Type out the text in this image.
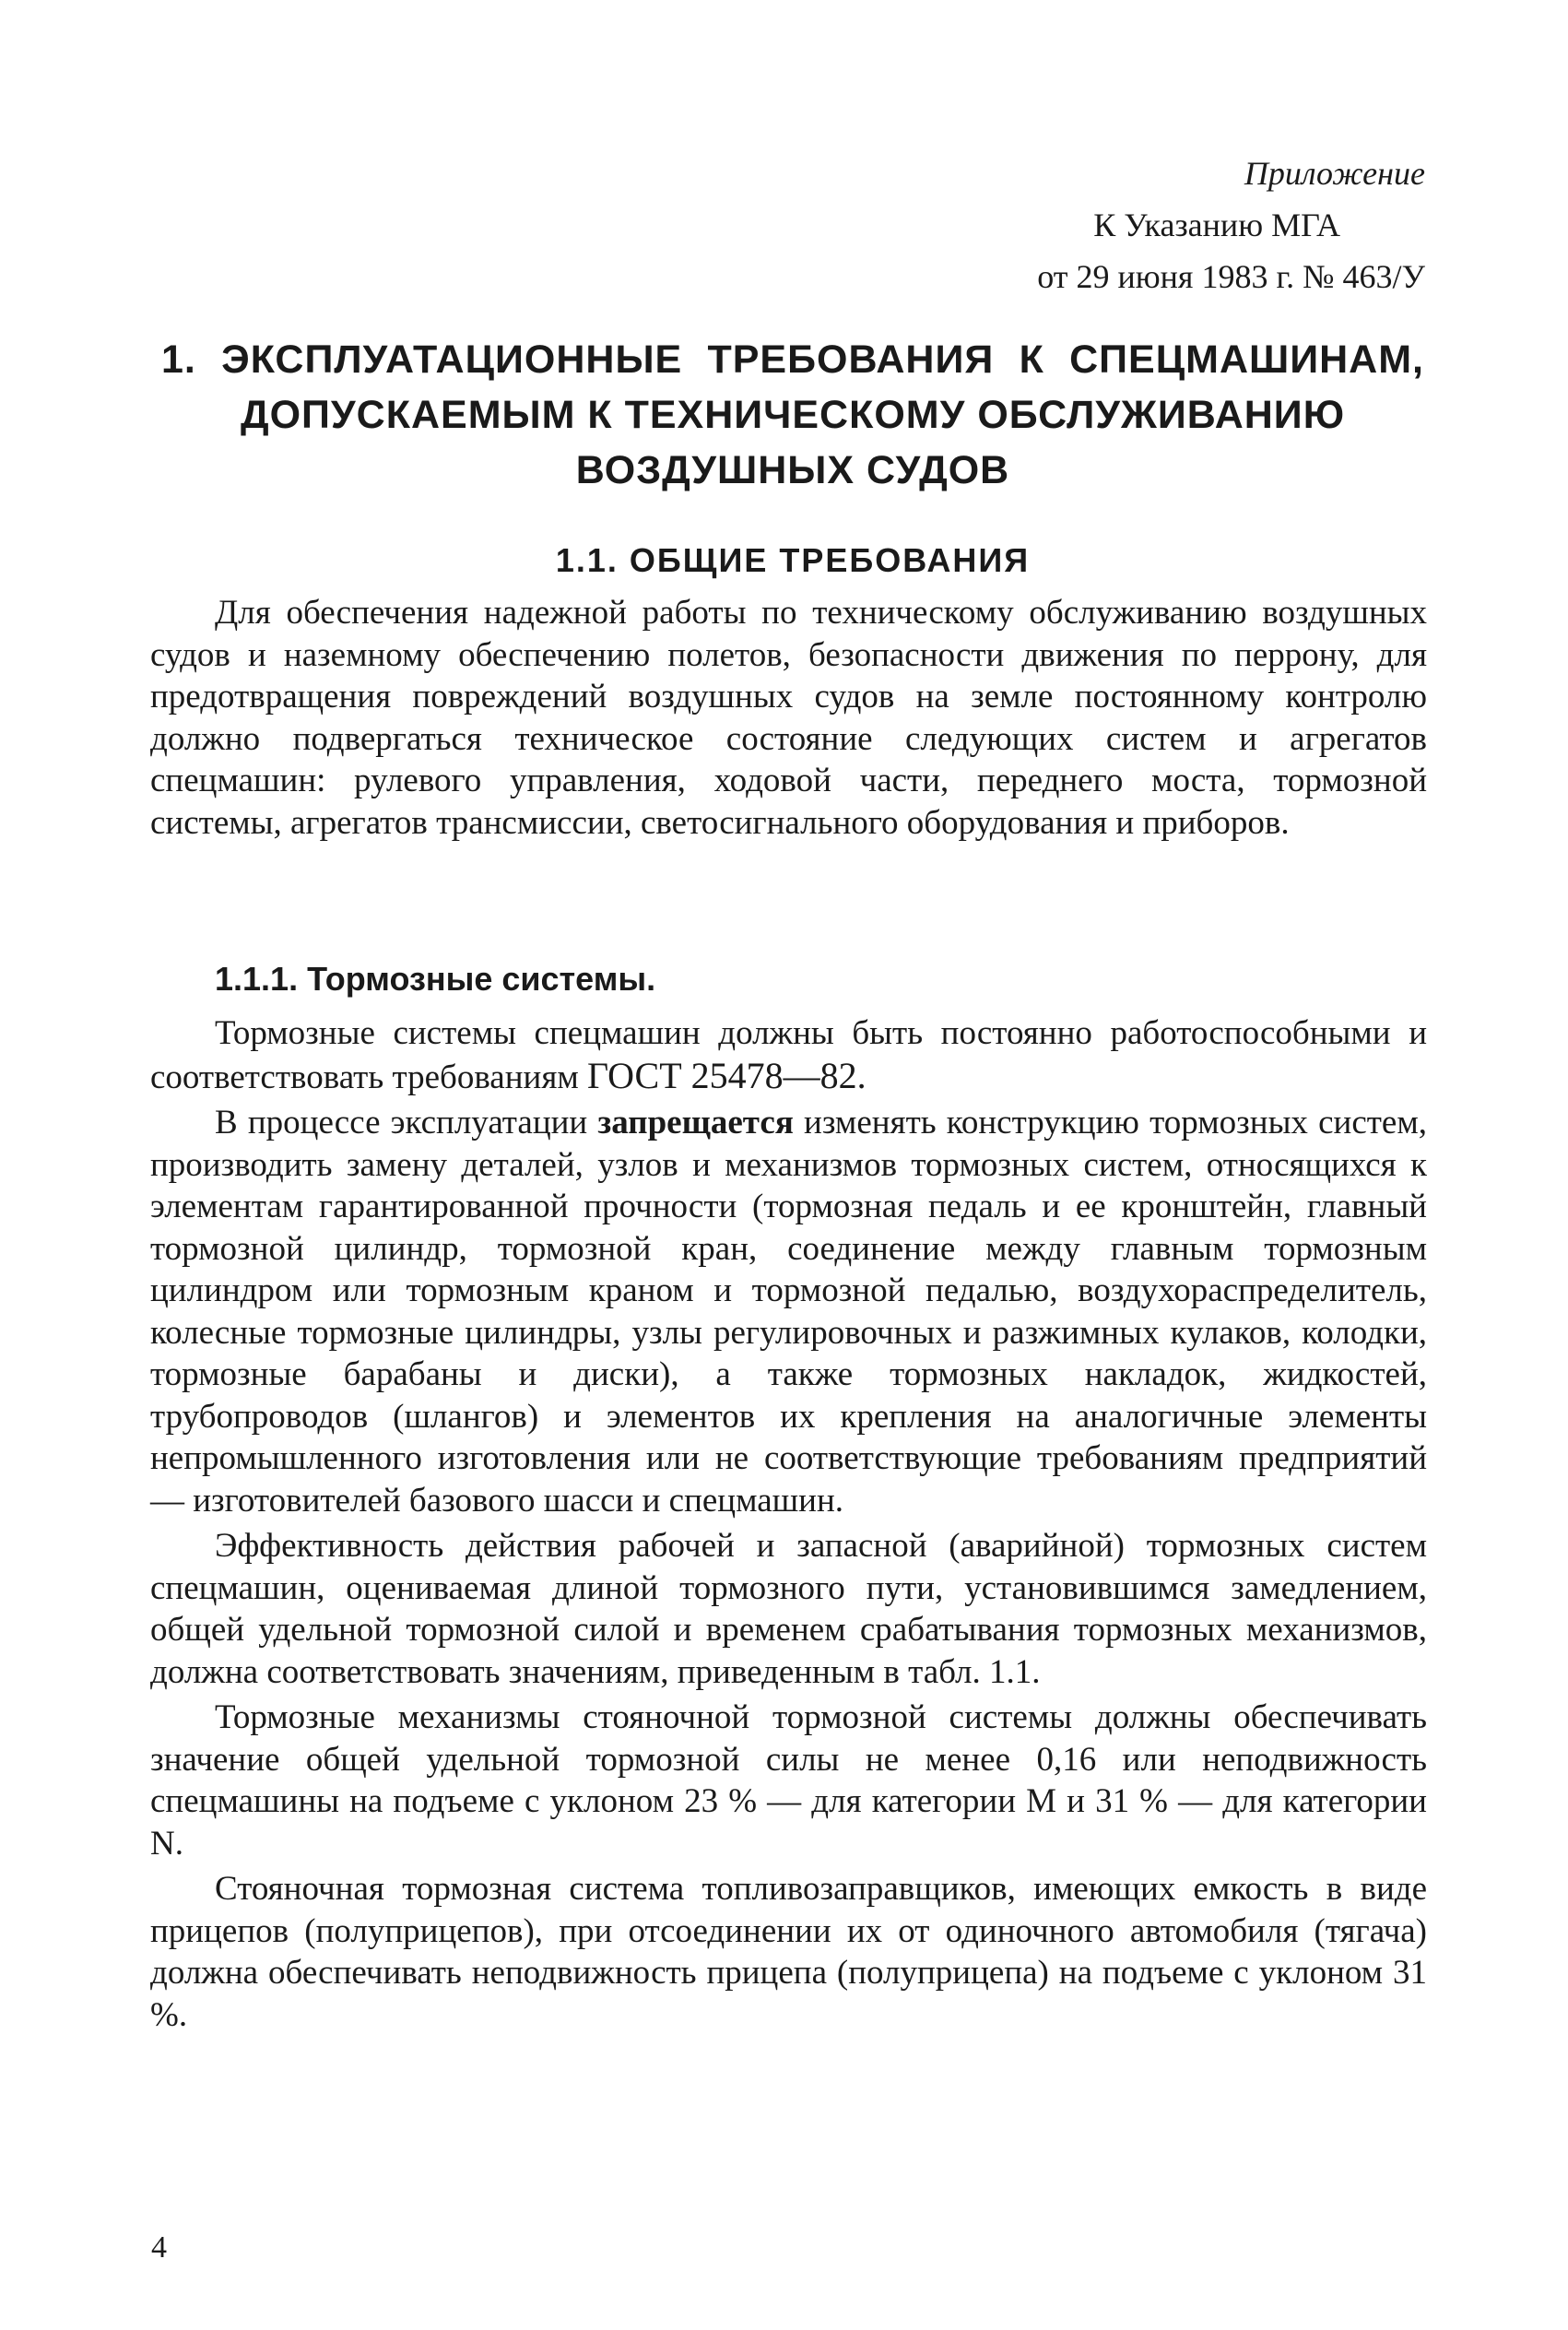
Приложение
К Указанию МГА
от 29 июня 1983 г. № 463/У
1. ЭКСПЛУАТАЦИОННЫЕ ТРЕБОВАНИЯ К СПЕЦМАШИНАМ,
ДОПУСКАЕМЫМ К ТЕХНИЧЕСКОМУ ОБСЛУЖИВАНИЮ
ВОЗДУШНЫХ СУДОВ
1.1. ОБЩИЕ ТРЕБОВАНИЯ

Для обеспечения надежной работы по техническому обслуживанию воздушных судов и наземному обеспечению полетов, безопасности движения по перрону, для предотвращения повреждений воздушных судов на земле постоянному контролю должно подвергаться техническое состояние следующих систем и агрегатов спецмашин: рулевого управления, ходовой части, переднего моста, тормозной системы, агрегатов трансмиссии, светосигнального оборудования и приборов.

1.1.1. Тормозные системы.

Тормозные системы спецмашин должны быть постоянно работоспособными и соответствовать требованиям ГОСТ 25478—82.

В процессе эксплуатации запрещается изменять конструкцию тормозных систем, производить замену деталей, узлов и механизмов тормозных систем, относящихся к элементам гарантированной прочности (тормозная педаль и ее кронштейн, главный тормозной цилиндр, тормозной кран, соединение между главным тормозным цилиндром или тормозным краном и тормозной педалью, воздухораспределитель, колесные тормозные цилиндры, узлы регулировочных и разжимных кулаков, колодки, тормозные барабаны и диски), а также тормозных накладок, жидкостей, трубопроводов (шлангов) и элементов их крепления на аналогичные элементы непромышленного изготовления или не соответствующие требованиям предприятий — изготовителей базового шасси и спецмашин.

Эффективность действия рабочей и запасной (аварийной) тормозных систем спецмашин, оцениваемая длиной тормозного пути, установившимся замедлением, общей удельной тормозной силой и временем срабатывания тормозных механизмов, должна соответствовать значениям, приведенным в табл. 1.1.

Тормозные механизмы стояночной тормозной системы должны обеспечивать значение общей удельной тормозной силы не менее 0,16 или неподвижность спецмашины на подъеме с уклоном 23 % — для категории M и 31 % — для категории N.

Стояночная тормозная система топливозаправщиков, имеющих емкость в виде прицепов (полуприцепов), при отсоединении их от одиночного автомобиля (тягача) должна обеспечивать неподвижность прицепа (полуприцепа) на подъеме с уклоном 31 %.

4
